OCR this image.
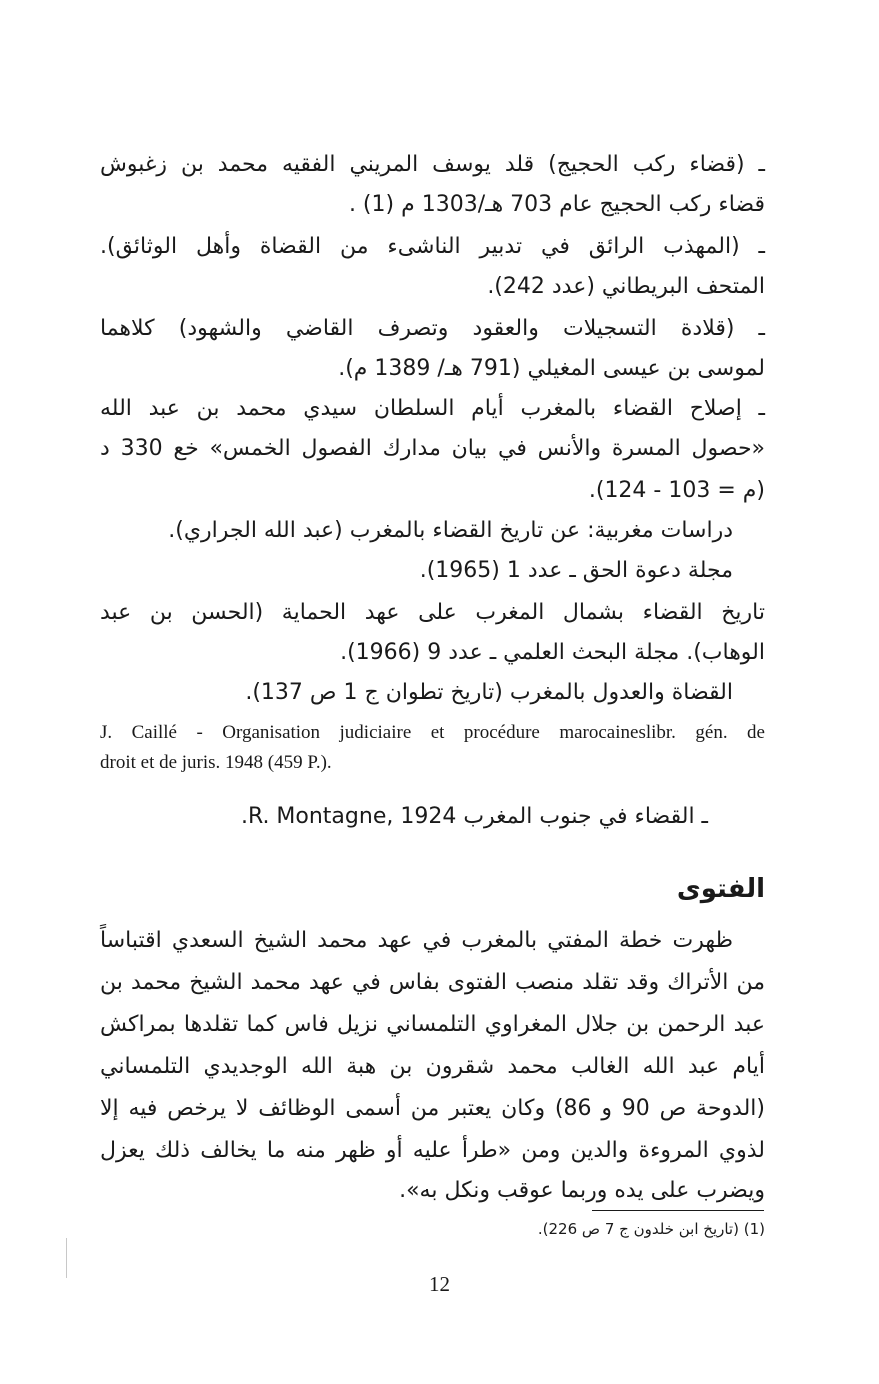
ـ (قضاء ركب الحجيج) قلد يوسف المريني الفقيه محمد بن زغبوش
قضاء ركب الحجيج عام 703 هـ/1303 م (1) .
ـ (المهذب الرائق في تدبير الناشىء من القضاة وأهل الوثائق).
المتحف البريطاني (عدد 242).
ـ (قلادة التسجيلات والعقود وتصرف القاضي والشهود) كلاهما
لموسى بن عيسى المغيلي (791 هـ/ 1389 م).
ـ إصلاح القضاء بالمغرب أيام السلطان سيدي محمد بن عبد الله
«حصول المسرة والأنس في بيان مدارك الفصول الخمس» خع 330 د
(م = 103 - 124).
دراسات مغربية: عن تاريخ القضاء بالمغرب (عبد الله الجراري).
مجلة دعوة الحق ـ عدد 1 (1965).
تاريخ القضاء بشمال المغرب على عهد الحماية (الحسن بن عبد
الوهاب). مجلة البحث العلمي ـ عدد 9 (1966).
القضاة والعدول بالمغرب (تاريخ تطوان ج 1 ص 137).
J. Caillé - Organisation judiciaire et procédure marocaineslibr. gén. de
droit et de juris. 1948 (459 P.).
ـ القضاء في جنوب المغرب R. Montagne, 1924.
الفتوى
ظهرت خطة المفتي بالمغرب في عهد محمد الشيخ السعدي اقتباساً
من الأتراك وقد تقلد منصب الفتوى بفاس في عهد محمد الشيخ محمد بن
عبد الرحمن بن جلال المغراوي التلمساني نزيل فاس كما تقلدها بمراكش
أيام عبد الله الغالب محمد شقرون بن هبة الله الوجديدي التلمساني
(الدوحة ص 90 و 86) وكان يعتبر من أسمى الوظائف لا يرخص فيه إلا
لذوي المروءة والدين ومن «طرأ عليه أو ظهر منه ما يخالف ذلك يعزل
ويضرب على يده وربما عوقب ونكل به».
(1) (تاريخ ابن خلدون ج 7 ص 226).
12
